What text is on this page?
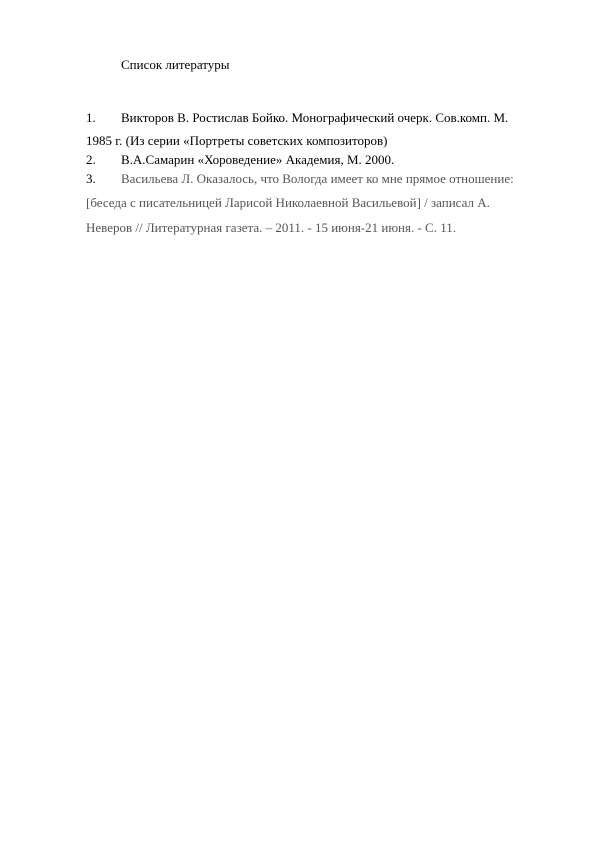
Список литературы
1. Викторов В. Ростислав Бойко. Монографический очерк. Сов.комп. М.
1985 г. (Из серии «Портреты советских композиторов)
2. В.А.Самарин «Хороведение» Академия, М. 2000.
3. Васильева Л. Оказалось, что Вологда имеет ко мне прямое отношение:
[беседа с писательницей Ларисой Николаевной Васильевой] / записал А.
Неверов // Литературная газета. – 2011. - 15 июня-21 июня. - С. 11.
